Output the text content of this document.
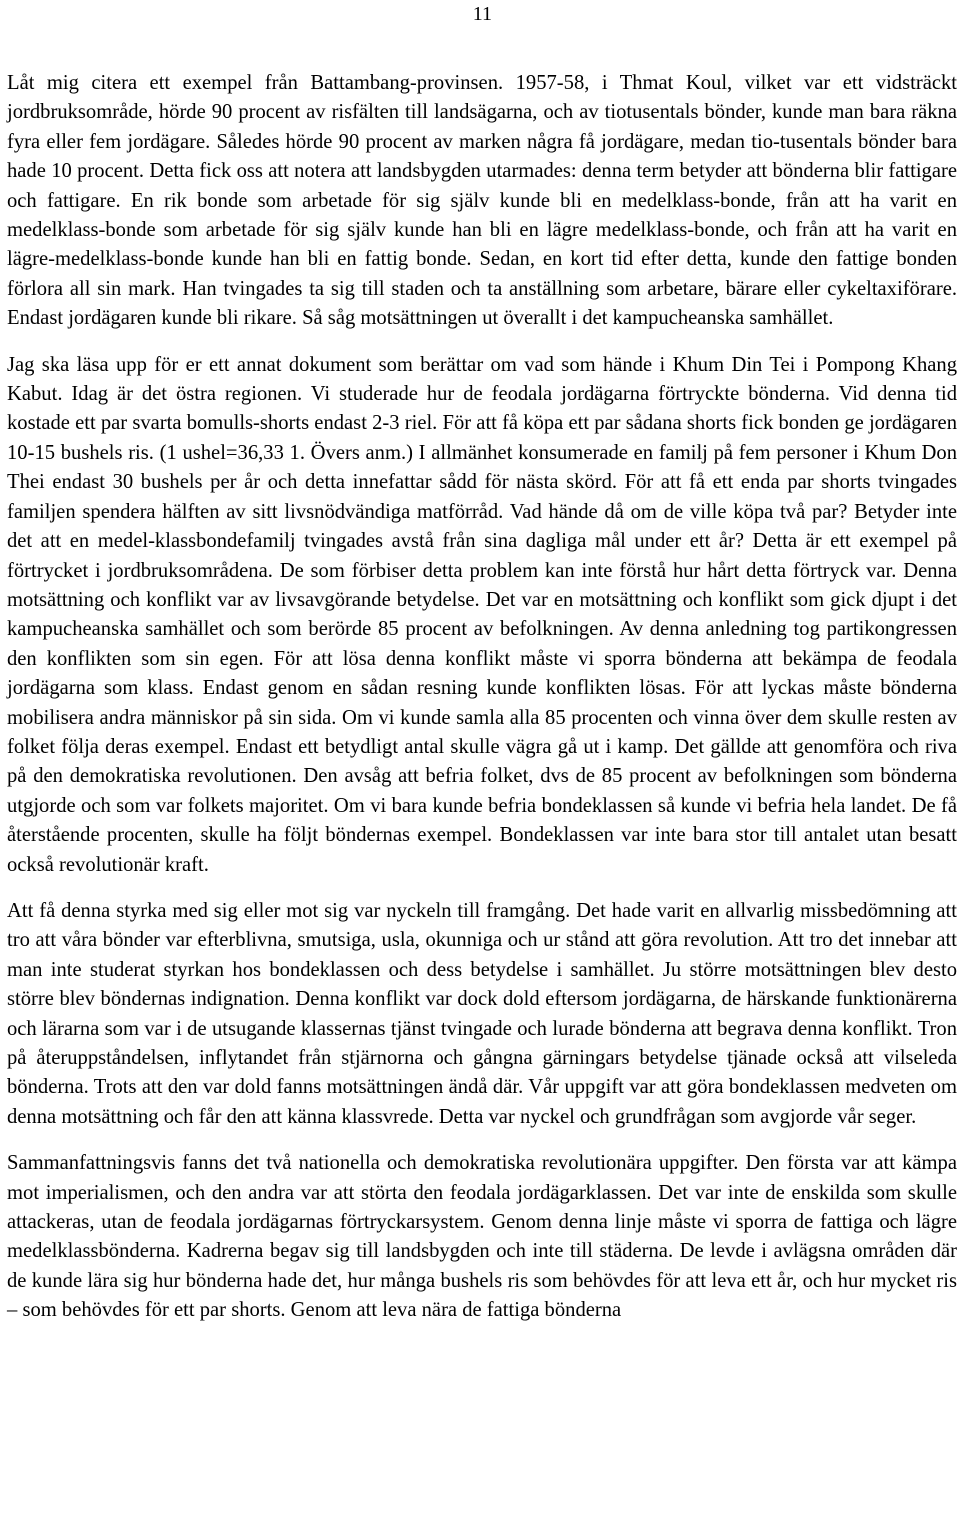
11

Låt mig citera ett exempel från Battambang-provinsen. 1957-58, i Thmat Koul, vilket var ett vidsträckt jordbruksområde, hörde 90 procent av risfälten till landsägarna, och av tiotusentals bönder, kunde man bara räkna fyra eller fem jordägare. Således hörde 90 procent av marken några få jordägare, medan tio-tusentals bönder bara hade 10 procent. Detta fick oss att notera att landsbygden utarmades: denna term betyder att bönderna blir fattigare och fattigare. En rik bonde som arbetade för sig själv kunde bli en medelklass-bonde, från att ha varit en medelklass-bonde som arbetade för sig själv kunde han bli en lägre medelklass-bonde, och från att ha varit en lägre-medelklass-bonde kunde han bli en fattig bonde. Sedan, en kort tid efter detta, kunde den fattige bonden förlora all sin mark. Han tvingades ta sig till staden och ta anställning som arbetare, bärare eller cykeltaxiförare. Endast jordägaren kunde bli rikare. Så såg motsättningen ut överallt i det kampucheanska samhället.

Jag ska läsa upp för er ett annat dokument som berättar om vad som hände i Khum Din Tei i Pompong Khang Kabut. Idag är det östra regionen. Vi studerade hur de feodala jordägarna förtryckte bönderna. Vid denna tid kostade ett par svarta bomulls-shorts endast 2-3 riel. För att få köpa ett par sådana shorts fick bonden ge jordägaren 10-15 bushels ris. (1 ushel=36,33 1. Övers anm.) I allmänhet konsumerade en familj på fem personer i Khum Don Thei endast 30 bushels per år och detta innefattar sådd för nästa skörd. För att få ett enda par shorts tvingades familjen spendera hälften av sitt livsnödvändiga matförråd. Vad hände då om de ville köpa två par? Betyder inte det att en medel-klassbondefamilj tvingades avstå från sina dagliga mål under ett år? Detta är ett exempel på förtrycket i jordbruksområdena. De som förbiser detta problem kan inte förstå hur hårt detta förtryck var. Denna motsättning och konflikt var av livsavgörande betydelse. Det var en motsättning och konflikt som gick djupt i det kampucheanska samhället och som berörde 85 procent av befolkningen. Av denna anledning tog partikongressen den konflikten som sin egen. För att lösa denna konflikt måste vi sporra bönderna att bekämpa de feodala jordägarna som klass. Endast genom en sådan resning kunde konflikten lösas. För att lyckas måste bönderna mobilisera andra människor på sin sida. Om vi kunde samla alla 85 procenten och vinna över dem skulle resten av folket följa deras exempel. Endast ett betydligt antal skulle vägra gå ut i kamp. Det gällde att genomföra och riva på den demokratiska revolutionen. Den avsåg att befria folket, dvs de 85 procent av befolkningen som bönderna utgjorde och som var folkets majoritet. Om vi bara kunde befria bondeklassen så kunde vi befria hela landet. De få återstående procenten, skulle ha följt böndernas exempel. Bondeklassen var inte bara stor till antalet utan besatt också revolutionär kraft.

Att få denna styrka med sig eller mot sig var nyckeln till framgång. Det hade varit en allvarlig missbedömning att tro att våra bönder var efterblivna, smutsiga, usla, okunniga och ur stånd att göra revolution. Att tro det innebar att man inte studerat styrkan hos bondeklassen och dess betydelse i samhället. Ju större motsättningen blev desto större blev böndernas indignation. Denna konflikt var dock dold eftersom jordägarna, de härskande funktionärerna och lärarna som var i de utsugande klassernas tjänst tvingade och lurade bönderna att begrava denna konflikt. Tron på återuppståndelsen, inflytandet från stjärnorna och gångna gärningars betydelse tjänade också att vilseleda bönderna. Trots att den var dold fanns motsättningen ändå där. Vår uppgift var att göra bondeklassen medveten om denna motsättning och får den att känna klassvrede. Detta var nyckel och grundfrågan som avgjorde vår seger.

Sammanfattningsvis fanns det två nationella och demokratiska revolutionära uppgifter. Den första var att kämpa mot imperialismen, och den andra var att störta den feodala jordägarklassen. Det var inte de enskilda som skulle attackeras, utan de feodala jordägarnas förtryckarsystem. Genom denna linje måste vi sporra de fattiga och lägre medelklassbönderna. Kadrerna begav sig till landsbygden och inte till städerna. De levde i avlägsna områden där de kunde lära sig hur bönderna hade det, hur många bushels ris som behövdes för att leva ett år, och hur mycket ris – som behövdes för ett par shorts. Genom att leva nära de fattiga bönderna
